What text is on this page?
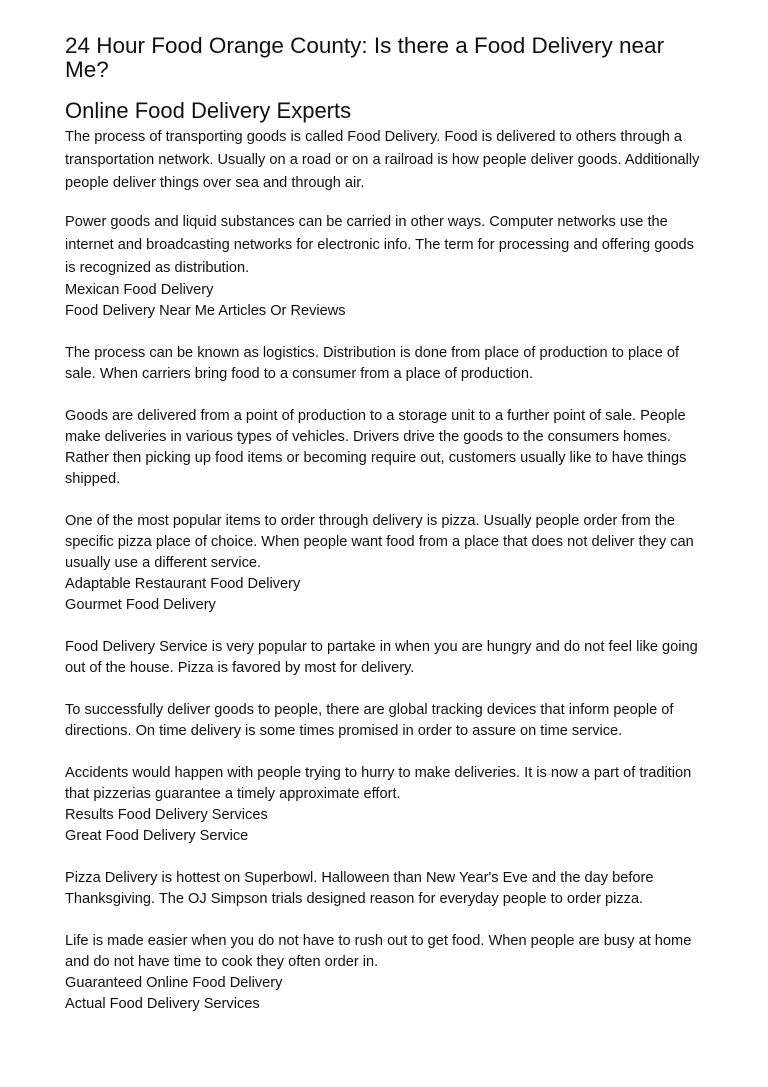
24 Hour Food Orange County: Is there a Food Delivery near Me?
Online Food Delivery Experts

The process of transporting goods is called Food Delivery. Food is delivered to others through a transportation network. Usually on a road or on a railroad is how people deliver goods. Additionally people deliver things over sea and through air.

Power goods and liquid substances can be carried in other ways. Computer networks use the internet and broadcasting networks for electronic info. The term for processing and offering goods is recognized as distribution.

Mexican Food Delivery
Food Delivery Near Me Articles Or Reviews

The process can be known as logistics. Distribution is done from place of production to place of sale. When carriers bring food to a consumer from a place of production.

Goods are delivered from a point of production to a storage unit to a further point of sale. People make deliveries in various types of vehicles. Drivers drive the goods to the consumers homes. Rather then picking up food items or becoming require out, customers usually like to have things shipped.

One of the most popular items to order through delivery is pizza. Usually people order from the specific pizza place of choice. When people want food from a place that does not deliver they can usually use a different service.

Adaptable Restaurant Food Delivery
Gourmet Food Delivery

Food Delivery Service is very popular to partake in when you are hungry and do not feel like going out of the house. Pizza is favored by most for delivery.

To successfully deliver goods to people, there are global tracking devices that inform people of directions. On time delivery is some times promised in order to assure on time service.

Accidents would happen with people trying to hurry to make deliveries. It is now a part of tradition that pizzerias guarantee a timely approximate effort.

Results Food Delivery Services
Great Food Delivery Service

Pizza Delivery is hottest on Superbowl. Halloween than New Year's Eve and the day before Thanksgiving. The OJ Simpson trials designed reason for everyday people to order pizza.

Life is made easier when you do not have to rush out to get food. When people are busy at home and do not have time to cook they often order in.

Guaranteed Online Food Delivery
Actual Food Delivery Services
